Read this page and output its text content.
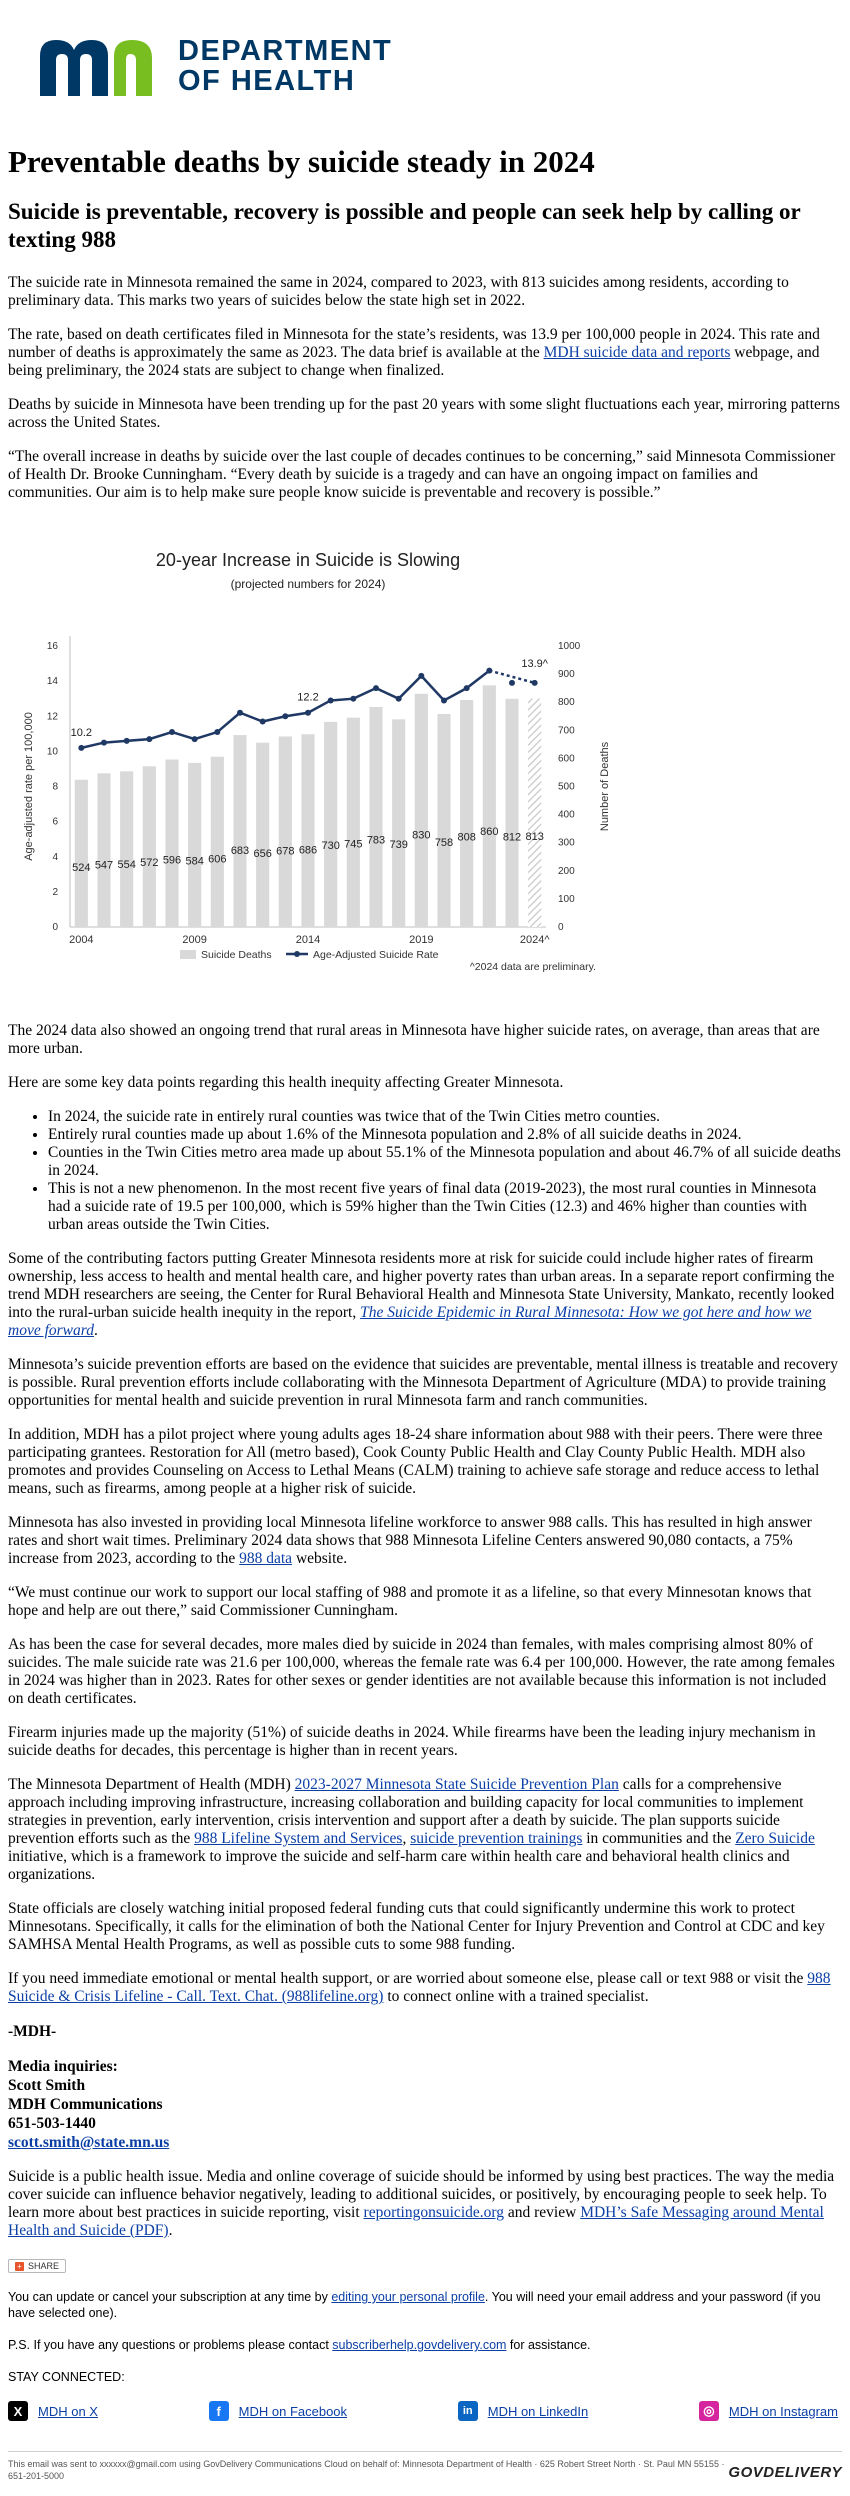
DEPARTMENT
OF HEALTH
Preventable deaths by suicide steady in 2024
Suicide is preventable, recovery is possible and people can seek help by calling or texting 988

The suicide rate in Minnesota remained the same in 2024, compared to 2023, with 813 suicides among residents, according to preliminary data. This marks two years of suicides below the state high set in 2022.

The rate, based on death certificates filed in Minnesota for the state’s residents, was 13.9 per 100,000 people in 2024. This rate and number of deaths is approximately the same as 2023. The data brief is available at the MDH suicide data and reports webpage, and being preliminary, the 2024 stats are subject to change when finalized.

Deaths by suicide in Minnesota have been trending up for the past 20 years with some slight fluctuations each year, mirroring patterns across the United States.

“The overall increase in deaths by suicide over the last couple of decades continues to be concerning,” said Minnesota Commissioner of Health Dr. Brooke Cunningham. “Every death by suicide is a tragedy and can have an ongoing impact on families and communities. Our aim is to help make sure people know suicide is preventable and recovery is possible.”

20-year Increase in Suicide is Slowing
(projected numbers for 2024)
0
2
4
6
8
10
12
14
16
0
100
200
300
400
500
600
700
800
900
1000
Age-adjusted rate per 100,000	Number of Deaths
524 547 554 572 596 584 606
683 656 678 686 730 745 783 739
830
758 808 860 812 813
10.2
12.2
13.9^
2004	2009	2014	2019	2024^
Suicide Deaths	Age-Adjusted Suicide Rate
^2024 data are preliminary.

The 2024 data also showed an ongoing trend that rural areas in Minnesota have higher suicide rates, on average, than areas that are more urban.

Here are some key data points regarding this health inequity affecting Greater Minnesota.

• In 2024, the suicide rate in entirely rural counties was twice that of the Twin Cities metro counties.
• Entirely rural counties made up about 1.6% of the Minnesota population and 2.8% of all suicide deaths in 2024.
• Counties in the Twin Cities metro area made up about 55.1% of the Minnesota population and about 46.7% of all suicide deaths in 2024.
• This is not a new phenomenon. In the most recent five years of final data (2019-2023), the most rural counties in Minnesota had a suicide rate of 19.5 per 100,000, which is 59% higher than the Twin Cities (12.3) and 46% higher than counties with urban areas outside the Twin Cities.

Some of the contributing factors putting Greater Minnesota residents more at risk for suicide could include higher rates of firearm ownership, less access to health and mental health care, and higher poverty rates than urban areas. In a separate report confirming the trend MDH researchers are seeing, the Center for Rural Behavioral Health and Minnesota State University, Mankato, recently looked into the rural-urban suicide health inequity in the report, The Suicide Epidemic in Rural Minnesota: How we got here and how we move forward.

Minnesota’s suicide prevention efforts are based on the evidence that suicides are preventable, mental illness is treatable and recovery is possible. Rural prevention efforts include collaborating with the Minnesota Department of Agriculture (MDA) to provide training opportunities for mental health and suicide prevention in rural Minnesota farm and ranch communities.

In addition, MDH has a pilot project where young adults ages 18-24 share information about 988 with their peers. There were three participating grantees. Restoration for All (metro based), Cook County Public Health and Clay County Public Health. MDH also promotes and provides Counseling on Access to Lethal Means (CALM) training to achieve safe storage and reduce access to lethal means, such as firearms, among people at a higher risk of suicide.

Minnesota has also invested in providing local Minnesota lifeline workforce to answer 988 calls. This has resulted in high answer rates and short wait times. Preliminary 2024 data shows that 988 Minnesota Lifeline Centers answered 90,080 contacts, a 75% increase from 2023, according to the 988 data website.

“We must continue our work to support our local staffing of 988 and promote it as a lifeline, so that every Minnesotan knows that hope and help are out there,” said Commissioner Cunningham.

As has been the case for several decades, more males died by suicide in 2024 than females, with males comprising almost 80% of suicides. The male suicide rate was 21.6 per 100,000, whereas the female rate was 6.4 per 100,000. However, the rate among females in 2024 was higher than in 2023. Rates for other sexes or gender identities are not available because this information is not included on death certificates.

Firearm injuries made up the majority (51%) of suicide deaths in 2024. While firearms have been the leading injury mechanism in suicide deaths for decades, this percentage is higher than in recent years.

The Minnesota Department of Health (MDH) 2023-2027 Minnesota State Suicide Prevention Plan calls for a comprehensive approach including improving infrastructure, increasing collaboration and building capacity for local communities to implement strategies in prevention, early intervention, crisis intervention and support after a death by suicide. The plan supports suicide prevention efforts such as the 988 Lifeline System and Services, suicide prevention trainings in communities and the Zero Suicide initiative, which is a framework to improve the suicide and self-harm care within health care and behavioral health clinics and organizations.

State officials are closely watching initial proposed federal funding cuts that could significantly undermine this work to protect Minnesotans. Specifically, it calls for the elimination of both the National Center for Injury Prevention and Control at CDC and key SAMHSA Mental Health Programs, as well as possible cuts to some 988 funding.

If you need immediate emotional or mental health support, or are worried about someone else, please call or text 988 or visit the 988 Suicide & Crisis Lifeline - Call. Text. Chat. (988lifeline.org) to connect online with a trained specialist.

-MDH-

Media inquiries:
Scott Smith
MDH Communications
651-503-1440
scott.smith@state.mn.us

Suicide is a public health issue. Media and online coverage of suicide should be informed by using best practices. The way the media cover suicide can influence behavior negatively, leading to additional suicides, or positively, by encouraging people to seek help. To learn more about best practices in suicide reporting, visit reportingonsuicide.org and review MDH’s Safe Messaging around Mental Health and Suicide (PDF).

+ SHARE

You can update or cancel your subscription at any time by editing your personal profile. You will need your email address and your password (if you have selected one).

P.S. If you have any questions or problems please contact subscriberhelp.govdelivery.com for assistance.

STAY CONNECTED:

X	MDH on X	f	MDH on Facebook	in	MDH on LinkedIn	◎	MDH on Instagram
This email was sent to xxxxxx@gmail.com using GovDelivery Communications Cloud on behalf of: Minnesota Department of Health · 625 Robert Street North · St. Paul MN 55155 · 651-201-5000	GOVDELIVERY
